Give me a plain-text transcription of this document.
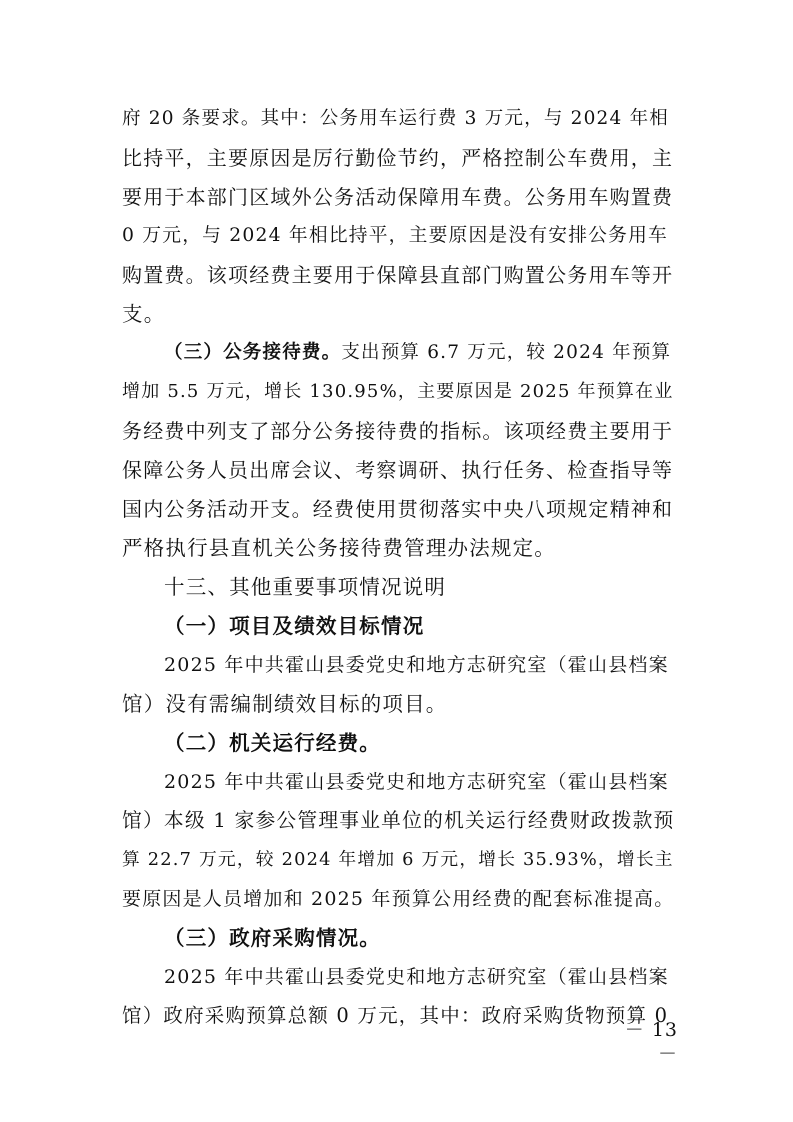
府 20 条要求。其中：公务用车运行费 3 万元，与 2024 年相
比持平，主要原因是厉行勤俭节约，严格控制公车费用，主
要用于本部门区域外公务活动保障用车费。公务用车购置费
0 万元，与 2024 年相比持平，主要原因是没有安排公务用车
购置费。该项经费主要用于保障县直部门购置公务用车等开
支。
（三）公务接待费。支出预算 6.7 万元，较 2024 年预算
增加 5.5 万元，增长 130.95%，主要原因是 2025 年预算在业
务经费中列支了部分公务接待费的指标。该项经费主要用于
保障公务人员出席会议、考察调研、执行任务、检查指导等
国内公务活动开支。经费使用贯彻落实中央八项规定精神和
严格执行县直机关公务接待费管理办法规定。
十三、其他重要事项情况说明
（一）项目及绩效目标情况
2025 年中共霍山县委党史和地方志研究室（霍山县档案
馆）没有需编制绩效目标的项目。
（二）机关运行经费。
2025 年中共霍山县委党史和地方志研究室（霍山县档案
馆）本级 1 家参公管理事业单位的机关运行经费财政拨款预
算 22.7 万元，较 2024 年增加 6 万元，增长 35.93%，增长主
要原因是人员增加和 2025 年预算公用经费的配套标准提高。
（三）政府采购情况。
2025 年中共霍山县委党史和地方志研究室（霍山县档案
馆）政府采购预算总额 0 万元，其中：政府采购货物预算 0
－ 13 －
